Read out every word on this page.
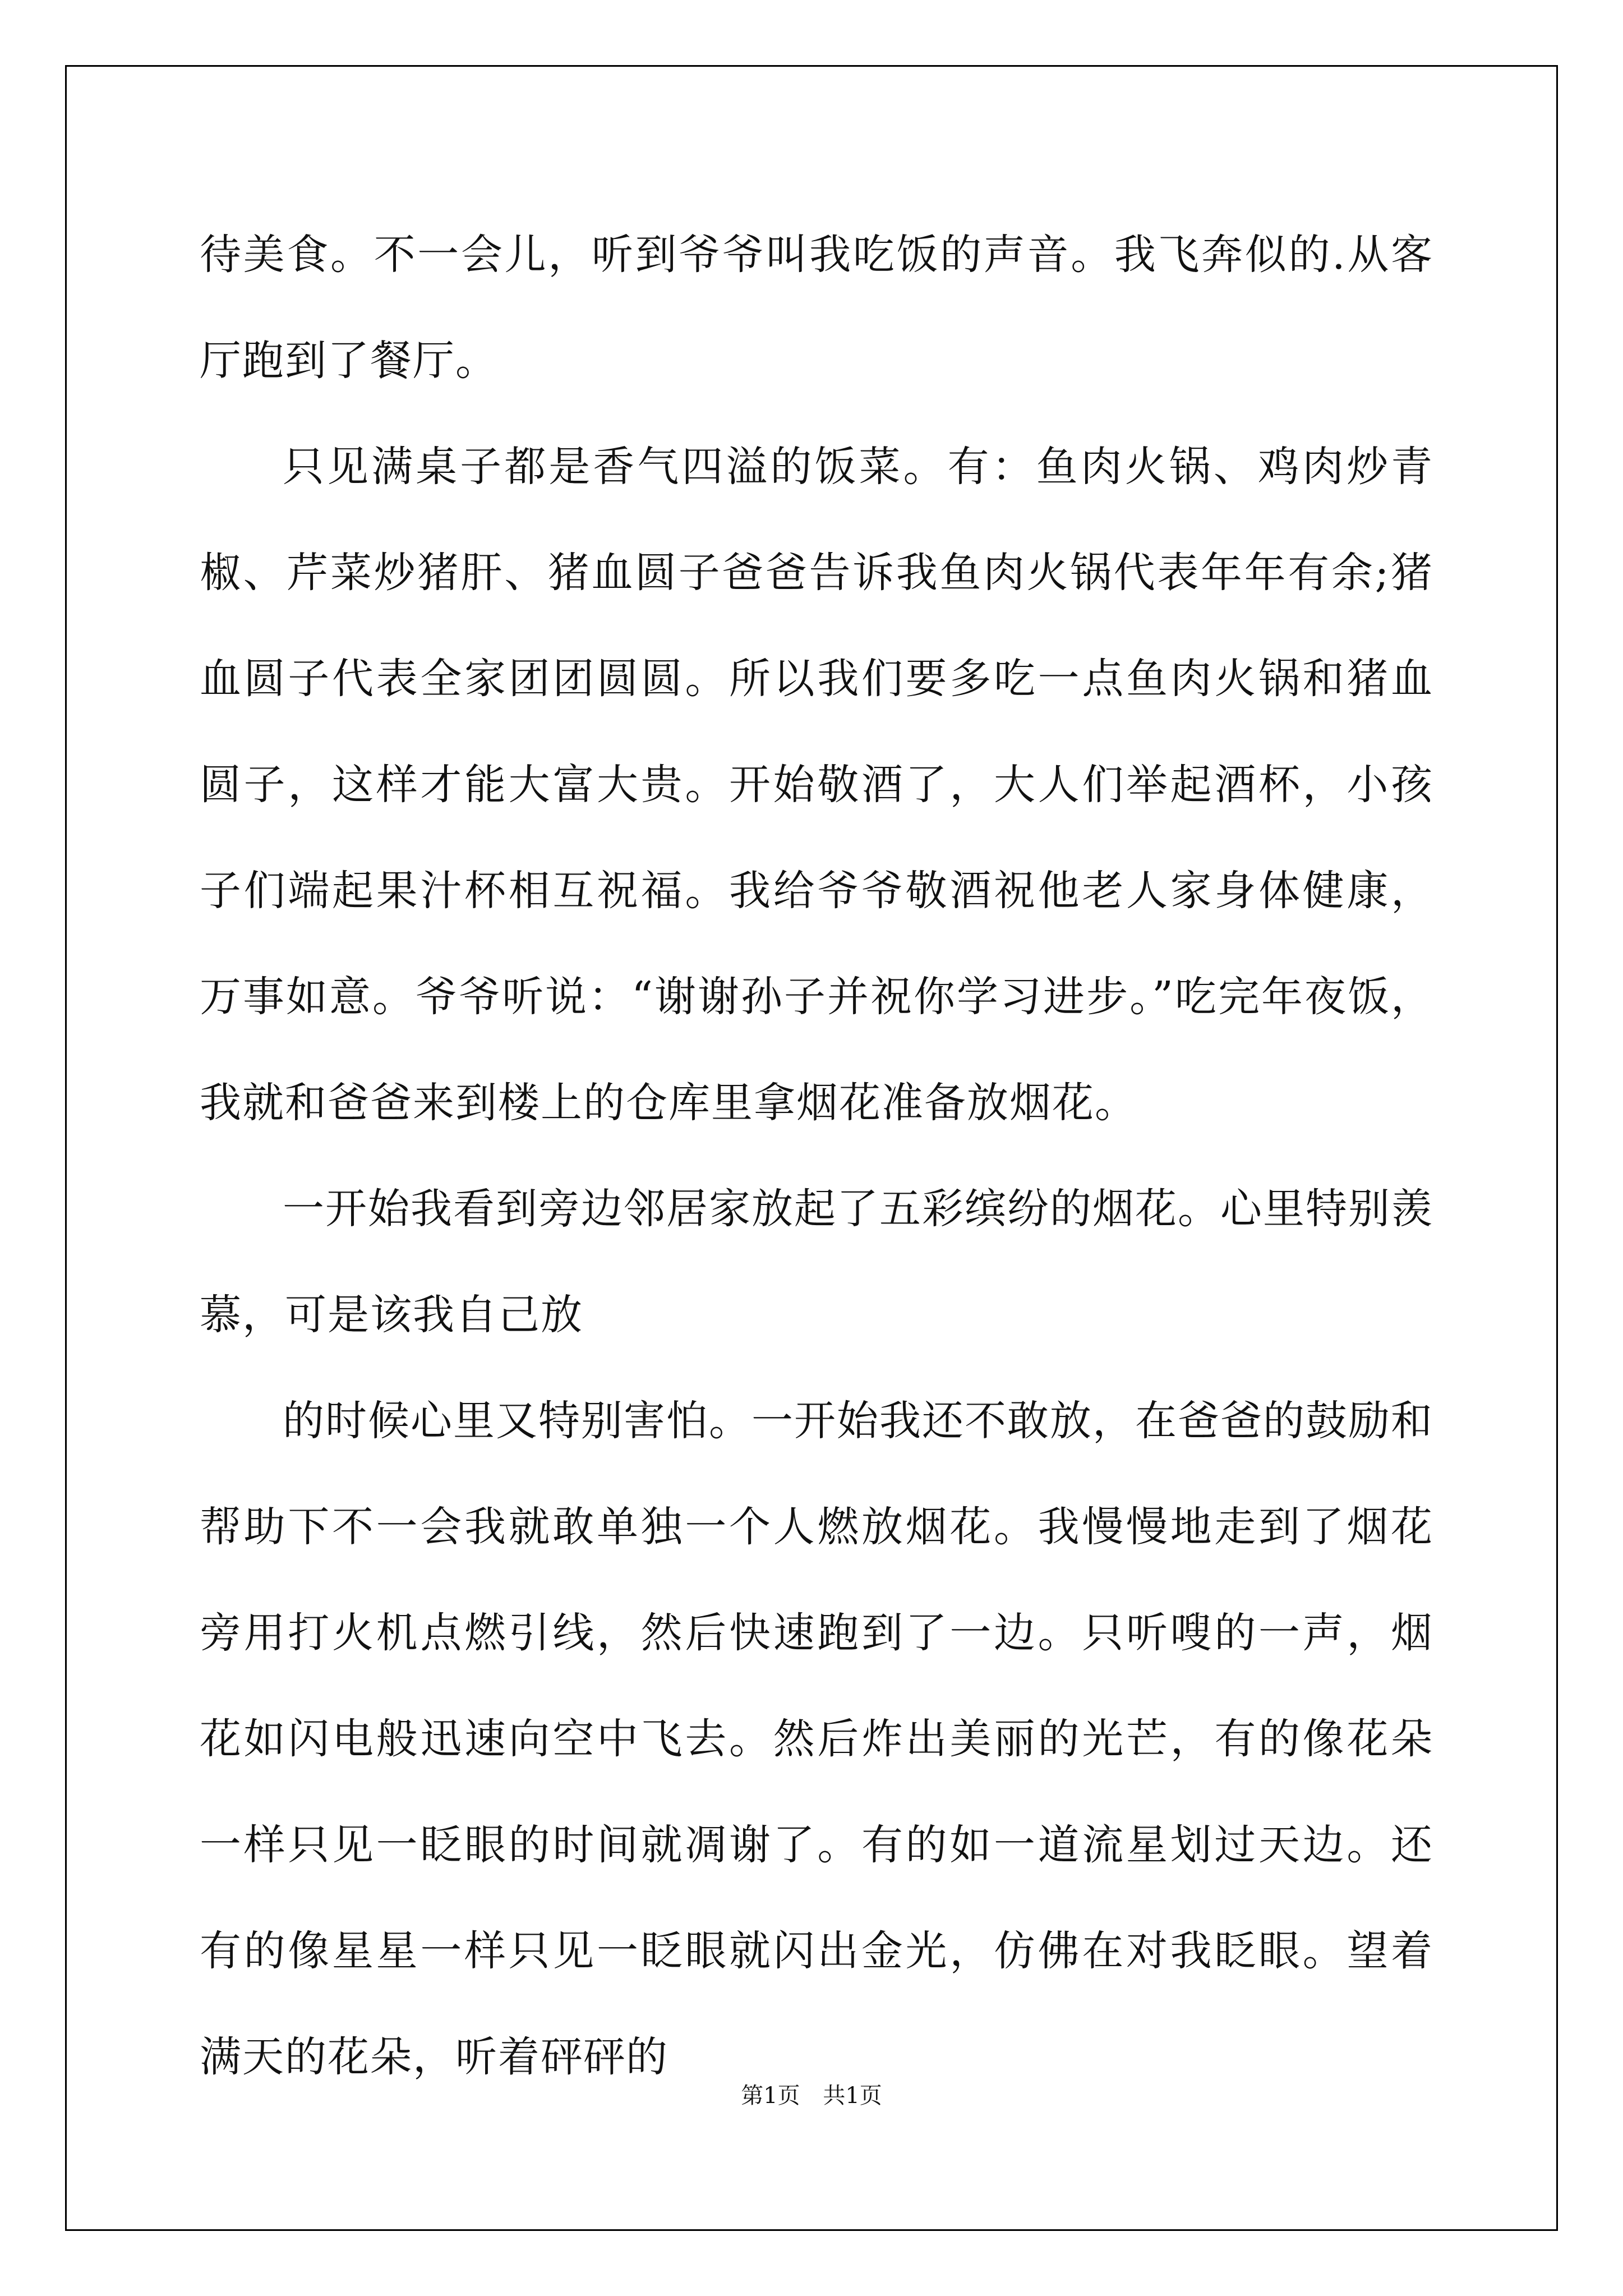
待美食。不一会儿，听到爷爷叫我吃饭的声音。我飞奔似的.从客厅跑到了餐厅。

只见满桌子都是香气四溢的饭菜。有：鱼肉火锅、鸡肉炒青椒、芹菜炒猪肝、猪血圆子爸爸告诉我鱼肉火锅代表年年有余;猪血圆子代表全家团团圆圆。所以我们要多吃一点鱼肉火锅和猪血圆子，这样才能大富大贵。开始敬酒了，大人们举起酒杯，小孩子们端起果汁杯相互祝福。我给爷爷敬酒祝他老人家身体健康，万事如意。爷爷听说：“谢谢孙子并祝你学习进步。”吃完年夜饭，我就和爸爸来到楼上的仓库里拿烟花准备放烟花。

一开始我看到旁边邻居家放起了五彩缤纷的烟花。心里特别羡慕，可是该我自己放

的时候心里又特别害怕。一开始我还不敢放，在爸爸的鼓励和帮助下不一会我就敢单独一个人燃放烟花。我慢慢地走到了烟花旁用打火机点燃引线，然后快速跑到了一边。只听嗖的一声，烟花如闪电般迅速向空中飞去。然后炸出美丽的光芒，有的像花朵一样只见一眨眼的时间就凋谢了。有的如一道流星划过天边。还有的像星星一样只见一眨眼就闪出金光，仿佛在对我眨眼。望着满天的花朵，听着砰砰的

第1页 共1页
